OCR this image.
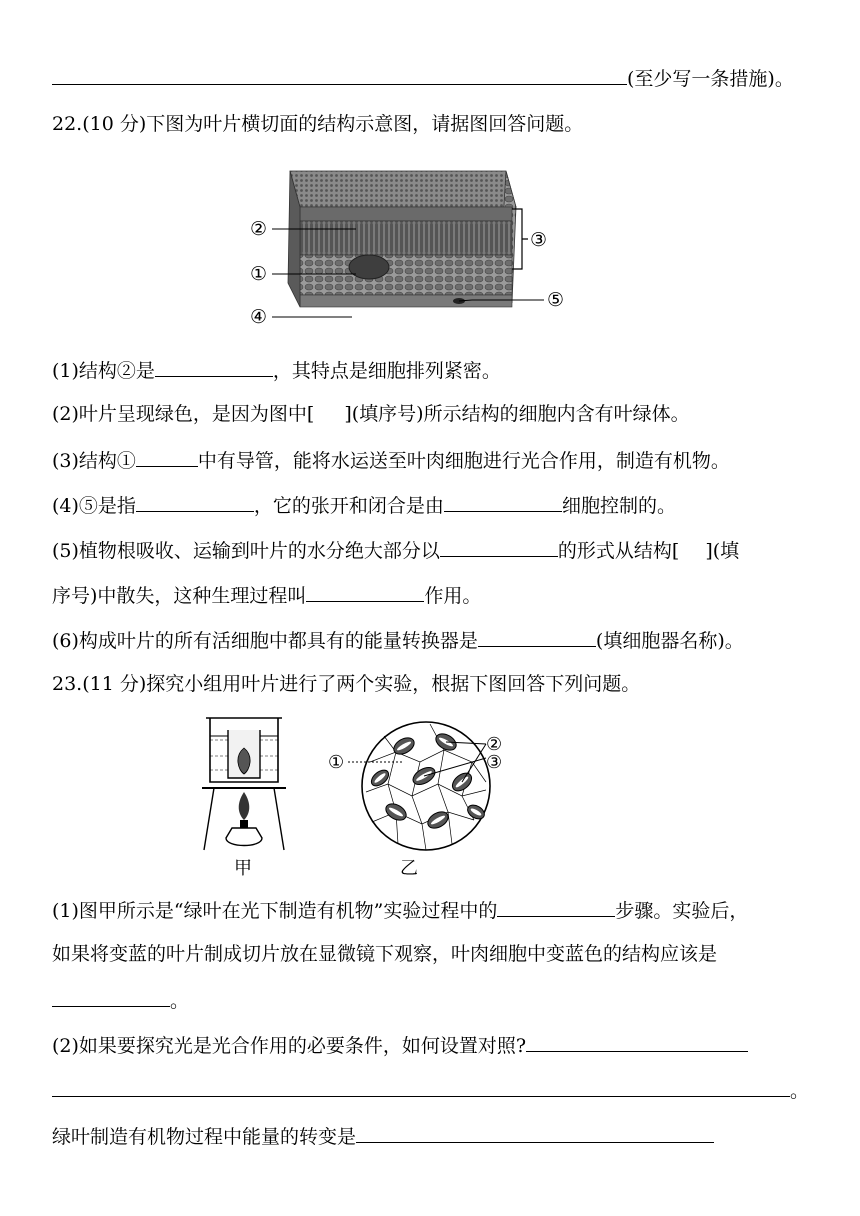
(至少写一条措施)。
22.(10 分)下图为叶片横切面的结构示意图，请据图回答问题。
②
①
④
③
⑤
(1)结构②是	，其特点是细胞排列紧密。
(2)叶片呈现绿色，是因为图中[ ](填序号)所示结构的细胞内含有叶绿体。
(3)结构①	中有导管，能将水运送至叶肉细胞进行光合作用，制造有机物。
(4)⑤是指	，它的张开和闭合是由	细胞控制的。
(5)植物根吸收、运输到叶片的水分绝大部分以	的形式从结构[ ](填
序号)中散失，这种生理过程叫	作用。
(6)构成叶片的所有活细胞中都具有的能量转换器是	(填细胞器名称)。
23.(11 分)探究小组用叶片进行了两个实验，根据下图回答下列问题。
甲
①
②
③
乙
(1)图甲所示是“绿叶在光下制造有机物”实验过程中的	步骤。实验后，
如果将变蓝的叶片制成切片放在显微镜下观察，叶肉细胞中变蓝色的结构应该是
。
(2)如果要探究光是光合作用的必要条件，如何设置对照?
。
绿叶制造有机物过程中能量的转变是
